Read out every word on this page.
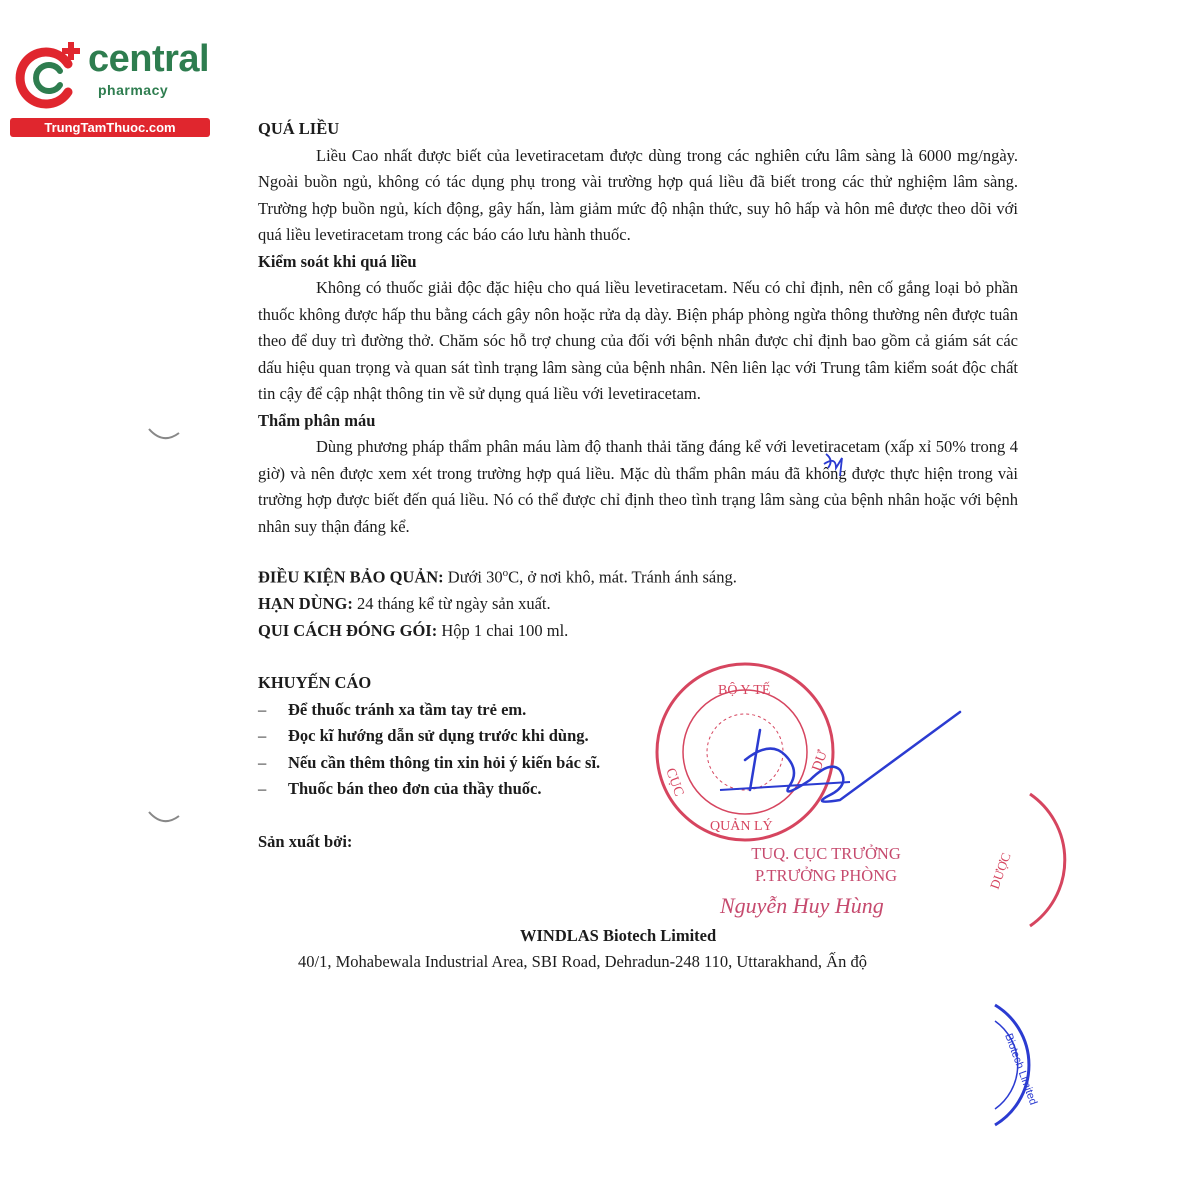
central
pharmacy
TrungTamThuoc.com	QUÁ LIỀU

Liều Cao nhất được biết của levetiracetam được dùng trong các nghiên cứu lâm sàng là 6000 mg/ngày. Ngoài buồn ngủ, không có tác dụng phụ trong vài trường hợp quá liều đã biết trong các thử nghiệm lâm sàng. Trường hợp buồn ngủ, kích động, gây hấn, làm giảm mức độ nhận thức, suy hô hấp và hôn mê được theo dõi với quá liều levetiracetam trong các báo cáo lưu hành thuốc.

Kiểm soát khi quá liều

Không có thuốc giải độc đặc hiệu cho quá liều levetiracetam. Nếu có chỉ định, nên cố gắng loại bỏ phần thuốc không được hấp thu bằng cách gây nôn hoặc rửa dạ dày. Biện pháp phòng ngừa thông thường nên được tuân theo để duy trì đường thở. Chăm sóc hỗ trợ chung của đối với bệnh nhân được chỉ định bao gồm cả giám sát các dấu hiệu quan trọng và quan sát tình trạng lâm sàng của bệnh nhân. Nên liên lạc với Trung tâm kiểm soát độc chất tin cậy để cập nhật thông tin về sử dụng quá liều với levetiracetam.

Thẩm phân máu

Dùng phương pháp thẩm phân máu làm độ thanh thải tăng đáng kể với levetiracetam (xấp xỉ 50% trong 4 giờ) và nên được xem xét trong trường hợp quá liều. Mặc dù thẩm phân máu đã không được thực hiện trong vài trường hợp được biết đến quá liều. Nó có thể được chỉ định theo tình trạng lâm sàng của bệnh nhân hoặc với bệnh nhân suy thận đáng kể.

ĐIỀU KIỆN BẢO QUẢN: Dưới 30$^o$C, ở nơi khô, mát. Tránh ánh sáng.

HẠN DÙNG: 24 tháng kể từ ngày sản xuất.

QUI CÁCH ĐÓNG GÓI: Hộp 1 chai 100 ml.

KHUYẾN CÁO

– Để thuốc tránh xa tầm tay trẻ em.

– Đọc kĩ hướng dẫn sử dụng trước khi dùng.

– Nếu cần thêm thông tin xin hỏi ý kiến bác sĩ.

– Thuốc bán theo đơn của thầy thuốc.

Sản xuất bởi:

WINDLAS Biotech Limited
40/1, Mohabewala Industrial Area, SBI Road, Dehradun-248 110, Uttarakhand, Ấn độ
BỘ Y TẾ
CỤC
QUẢN LÝ
DƯ
TUQ. CỤC TRƯỞNG
P.TRƯỞNG PHÒNG
Nguyễn Huy Hùng
DƯỢC
Biotech Limited
